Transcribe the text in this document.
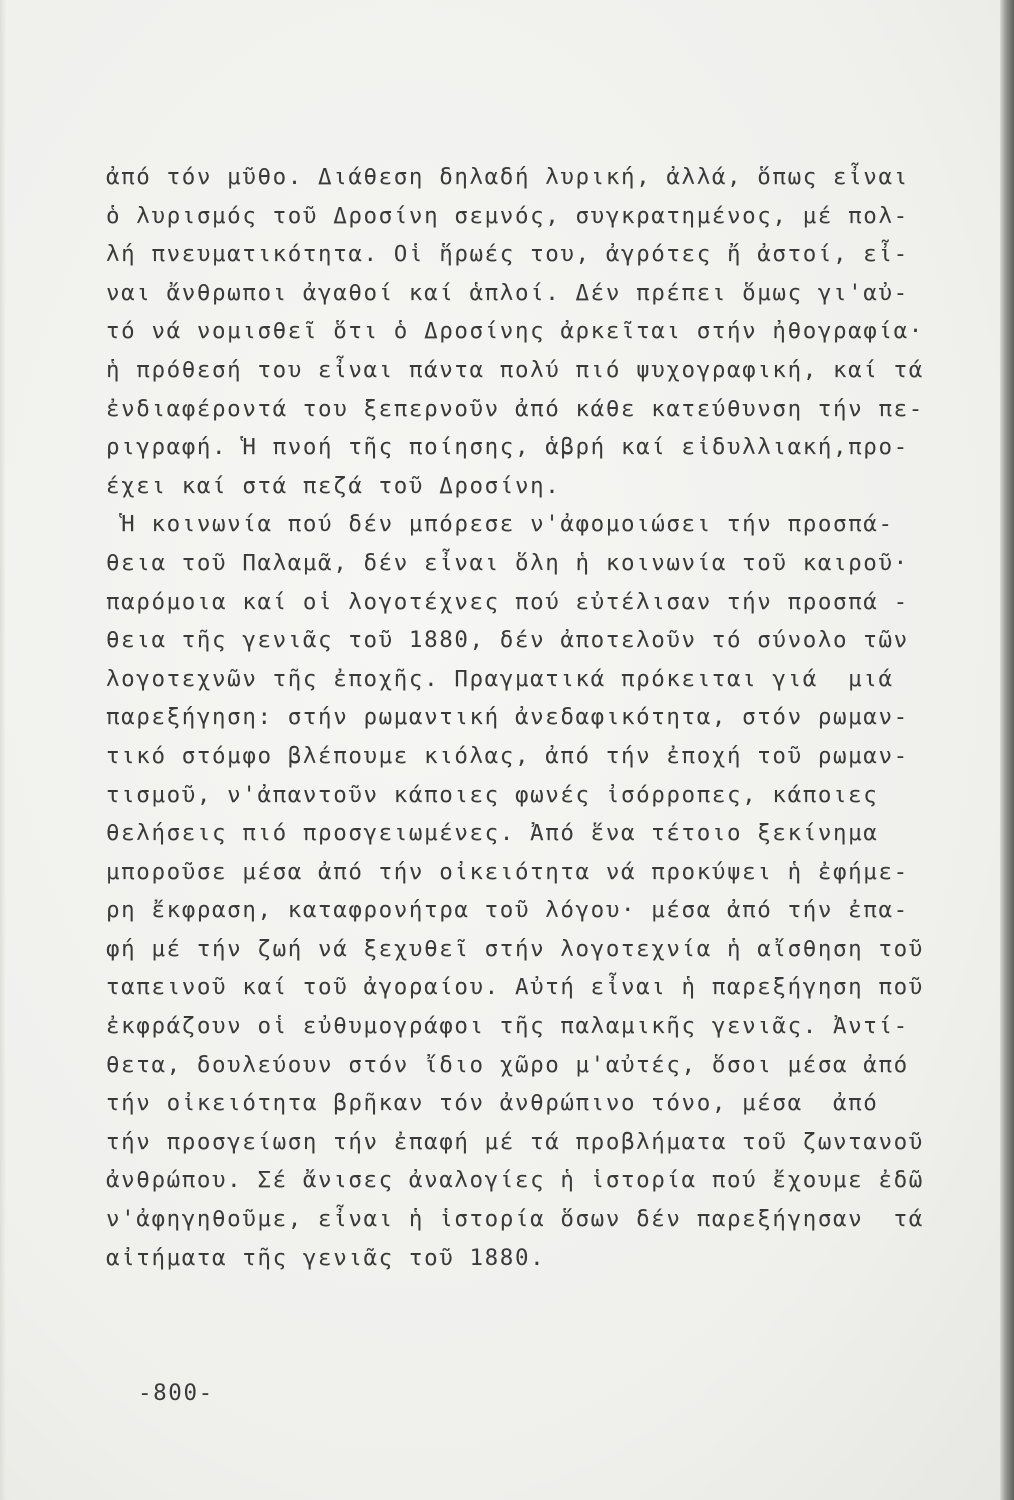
ἀπό τόν μῦθο. Διάθεση δηλαδή λυρική, ἀλλά, ὅπως εἶναι
ὁ λυρισμός τοῦ Δροσίνη σεμνός, συγκρατημένος, μέ πολ-
λή πνευματικότητα. Οἱ ἥρωές του, ἀγρότες ἤ ἀστοί, εἶ-
ναι ἄνθρωποι ἀγαθοί καί ἁπλοί. Δέν πρέπει ὅμως γι'αὐ-
τό νά νομισθεῖ ὅτι ὁ Δροσίνης ἀρκεῖται στήν ἠθογραφία·
ἡ πρόθεσή του εἶναι πάντα πολύ πιό ψυχογραφική, καί τά
ἐνδιαφέροντά του ξεπερνοῦν ἀπό κάθε κατεύθυνση τήν πε-
ριγραφή. Ἡ πνοή τῆς ποίησης, ἁβρή καί εἰδυλλιακή,προ-
έχει καί στά πεζά τοῦ Δροσίνη.
Ἡ κοινωνία πού δέν μπόρεσε ν'ἀφομοιώσει τήν προσπά-
θεια τοῦ Παλαμᾶ, δέν εἶναι ὅλη ἡ κοινωνία τοῦ καιροῦ·
παρόμοια καί οἱ λογοτέχνες πού εὐτέλισαν τήν προσπά -
θεια τῆς γενιᾶς τοῦ 1880, δέν ἀποτελοῦν τό σύνολο τῶν
λογοτεχνῶν τῆς ἐποχῆς. Πραγματικά πρόκειται γιά  μιά
παρεξήγηση: στήν ρωμαντική ἀνεδαφικότητα, στόν ρωμαν-
τικό στόμφο βλέπουμε κιόλας, ἀπό τήν ἐποχή τοῦ ρωμαν-
τισμοῦ, ν'ἀπαντοῦν κάποιες φωνές ἰσόρροπες, κάποιες
θελήσεις πιό προσγειωμένες. Ἀπό ἕνα τέτοιο ξεκίνημα
μποροῦσε μέσα ἀπό τήν οἰκειότητα νά προκύψει ἡ ἐφήμε-
ρη ἔκφραση, καταφρονήτρα τοῦ λόγου· μέσα ἀπό τήν ἐπα-
φή μέ τήν ζωή νά ξεχυθεῖ στήν λογοτεχνία ἡ αἴσθηση τοῦ
ταπεινοῦ καί τοῦ ἀγοραίου. Αὐτή εἶναι ἡ παρεξήγηση ποῦ
ἐκφράζουν οἱ εὐθυμογράφοι τῆς παλαμικῆς γενιᾶς. Ἀντί-
θετα, δουλεύουν στόν ἴδιο χῶρο μ'αὐτές, ὅσοι μέσα ἀπό
τήν οἰκειότητα βρῆκαν τόν ἀνθρώπινο τόνο, μέσα  ἀπό
τήν προσγείωση τήν ἐπαφή μέ τά προβλήματα τοῦ ζωντανοῦ
ἀνθρώπου. Σέ ἄνισες ἀναλογίες ἡ ἱστορία πού ἔχουμε ἐδῶ
ν'ἀφηγηθοῦμε, εἶναι ἡ ἱστορία ὅσων δέν παρεξήγησαν  τά
αἰτήματα τῆς γενιᾶς τοῦ 1880.
-800-
